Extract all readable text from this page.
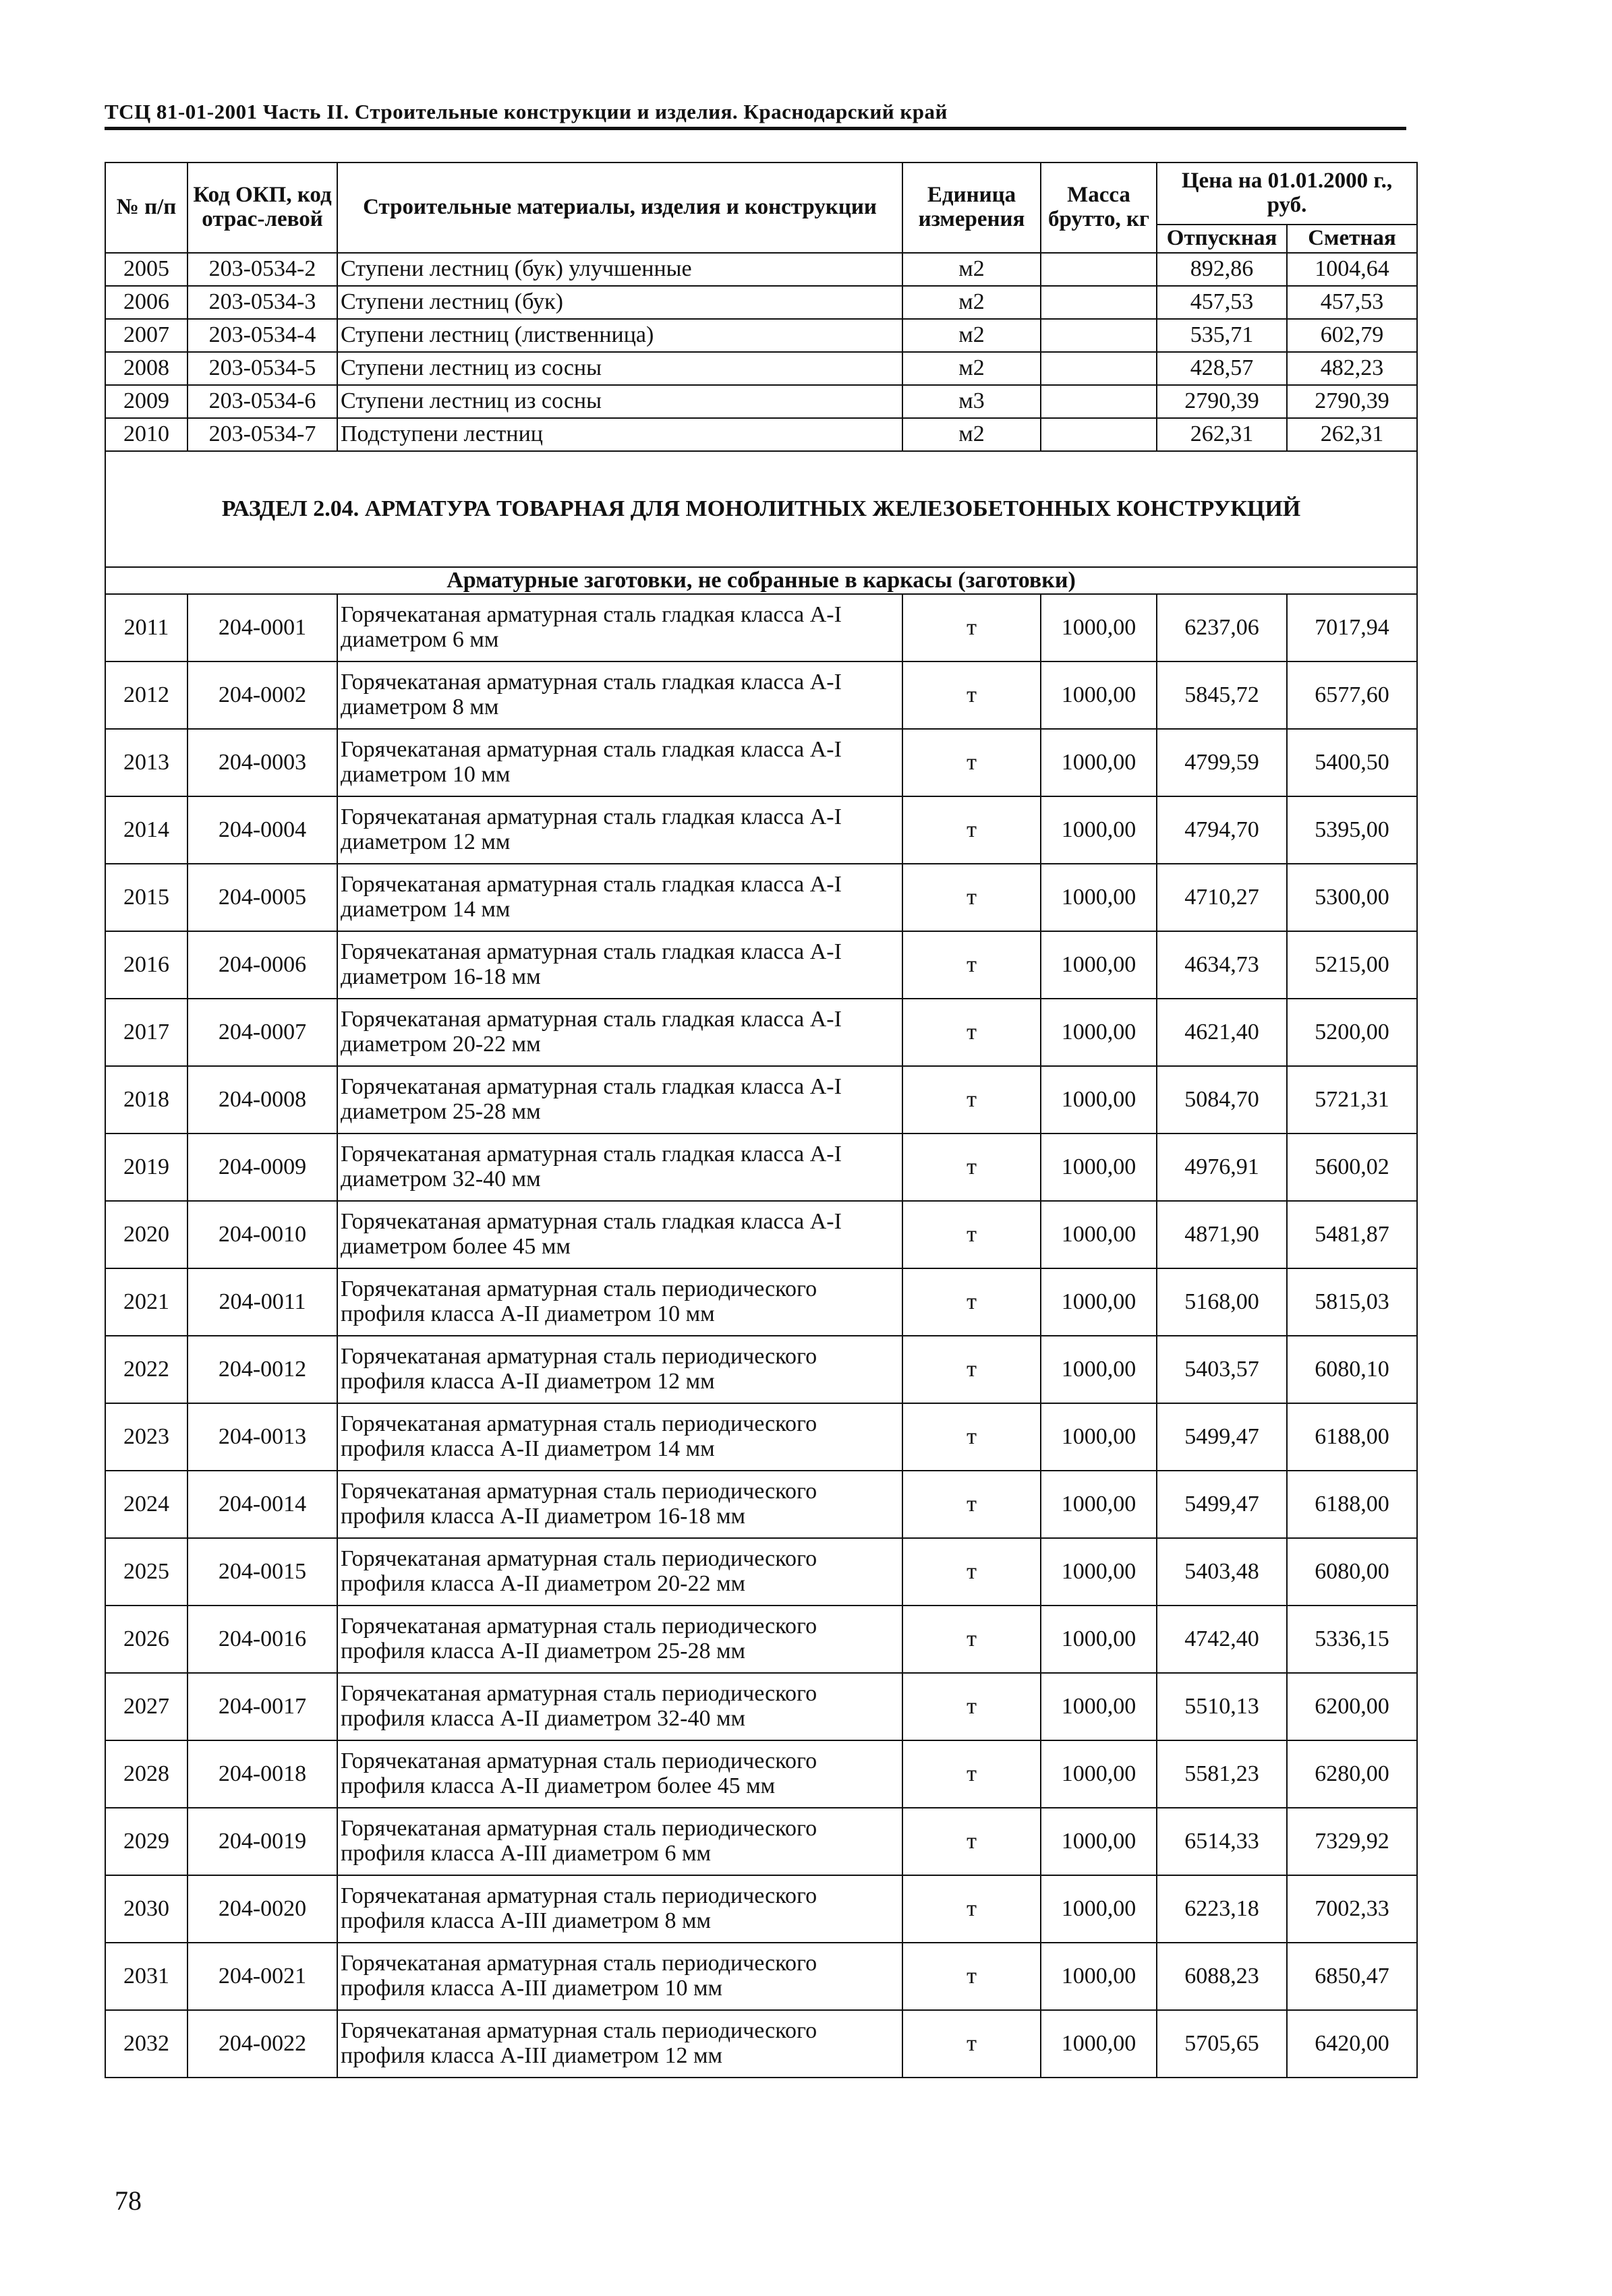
ТСЦ 81-01-2001 Часть II. Строительные конструкции и изделия. Краснодарский край
№ п/п	Код ОКП, код отрас-левой	Строительные материалы, изделия и конструкции	Единица измерения	Масса брутто, кг	Цена на 01.01.2000 г., руб.	
					Отпускная	Сметная
2005	203-0534-2	Ступени лестниц (бук) улучшенные	м2		892,86	1004,64
2006	203-0534-3	Ступени лестниц (бук)	м2		457,53	457,53
2007	203-0534-4	Ступени лестниц (лиственница)	м2		535,71	602,79
2008	203-0534-5	Ступени лестниц из сосны	м2		428,57	482,23
2009	203-0534-6	Ступени лестниц из сосны	м3		2790,39	2790,39
2010	203-0534-7	Подступени лестниц	м2		262,31	262,31
РАЗДЕЛ 2.04. АРМАТУРА ТОВАРНАЯ ДЛЯ МОНОЛИТНЫХ ЖЕЛЕЗОБЕТОННЫХ КОНСТРУКЦИЙ						
Арматурные заготовки, не собранные в каркасы (заготовки)						
2011	204-0001	Горячекатаная арматурная сталь гладкая класса А-I диаметром 6 мм	т	1000,00	6237,06	7017,94
2012	204-0002	Горячекатаная арматурная сталь гладкая класса А-I диаметром 8 мм	т	1000,00	5845,72	6577,60
2013	204-0003	Горячекатаная арматурная сталь гладкая класса А-I диаметром 10 мм	т	1000,00	4799,59	5400,50
2014	204-0004	Горячекатаная арматурная сталь гладкая класса А-I диаметром 12 мм	т	1000,00	4794,70	5395,00
2015	204-0005	Горячекатаная арматурная сталь гладкая класса А-I диаметром 14 мм	т	1000,00	4710,27	5300,00
2016	204-0006	Горячекатаная арматурная сталь гладкая класса А-I диаметром 16-18 мм	т	1000,00	4634,73	5215,00
2017	204-0007	Горячекатаная арматурная сталь гладкая класса А-I диаметром 20-22 мм	т	1000,00	4621,40	5200,00
2018	204-0008	Горячекатаная арматурная сталь гладкая класса А-I диаметром 25-28 мм	т	1000,00	5084,70	5721,31
2019	204-0009	Горячекатаная арматурная сталь гладкая класса А-I диаметром 32-40 мм	т	1000,00	4976,91	5600,02
2020	204-0010	Горячекатаная арматурная сталь гладкая класса А-I диаметром более 45 мм	т	1000,00	4871,90	5481,87
2021	204-0011	Горячекатаная арматурная сталь периодического профиля класса А-II диаметром 10 мм	т	1000,00	5168,00	5815,03
2022	204-0012	Горячекатаная арматурная сталь периодического профиля класса А-II диаметром 12 мм	т	1000,00	5403,57	6080,10
2023	204-0013	Горячекатаная арматурная сталь периодического профиля класса А-II диаметром 14 мм	т	1000,00	5499,47	6188,00
2024	204-0014	Горячекатаная арматурная сталь периодического профиля класса А-II диаметром 16-18 мм	т	1000,00	5499,47	6188,00
2025	204-0015	Горячекатаная арматурная сталь периодического профиля класса А-II диаметром 20-22 мм	т	1000,00	5403,48	6080,00
2026	204-0016	Горячекатаная арматурная сталь периодического профиля класса А-II диаметром 25-28 мм	т	1000,00	4742,40	5336,15
2027	204-0017	Горячекатаная арматурная сталь периодического профиля класса А-II диаметром 32-40 мм	т	1000,00	5510,13	6200,00
2028	204-0018	Горячекатаная арматурная сталь периодического профиля класса А-II диаметром более 45 мм	т	1000,00	5581,23	6280,00
2029	204-0019	Горячекатаная арматурная сталь периодического профиля класса А-III диаметром 6 мм	т	1000,00	6514,33	7329,92
2030	204-0020	Горячекатаная арматурная сталь периодического профиля класса А-III диаметром 8 мм	т	1000,00	6223,18	7002,33
2031	204-0021	Горячекатаная арматурная сталь периодического профиля класса А-III диаметром 10 мм	т	1000,00	6088,23	6850,47
2032	204-0022	Горячекатаная арматурная сталь периодического профиля класса А-III диаметром 12 мм	т	1000,00	5705,65	6420,00
78
